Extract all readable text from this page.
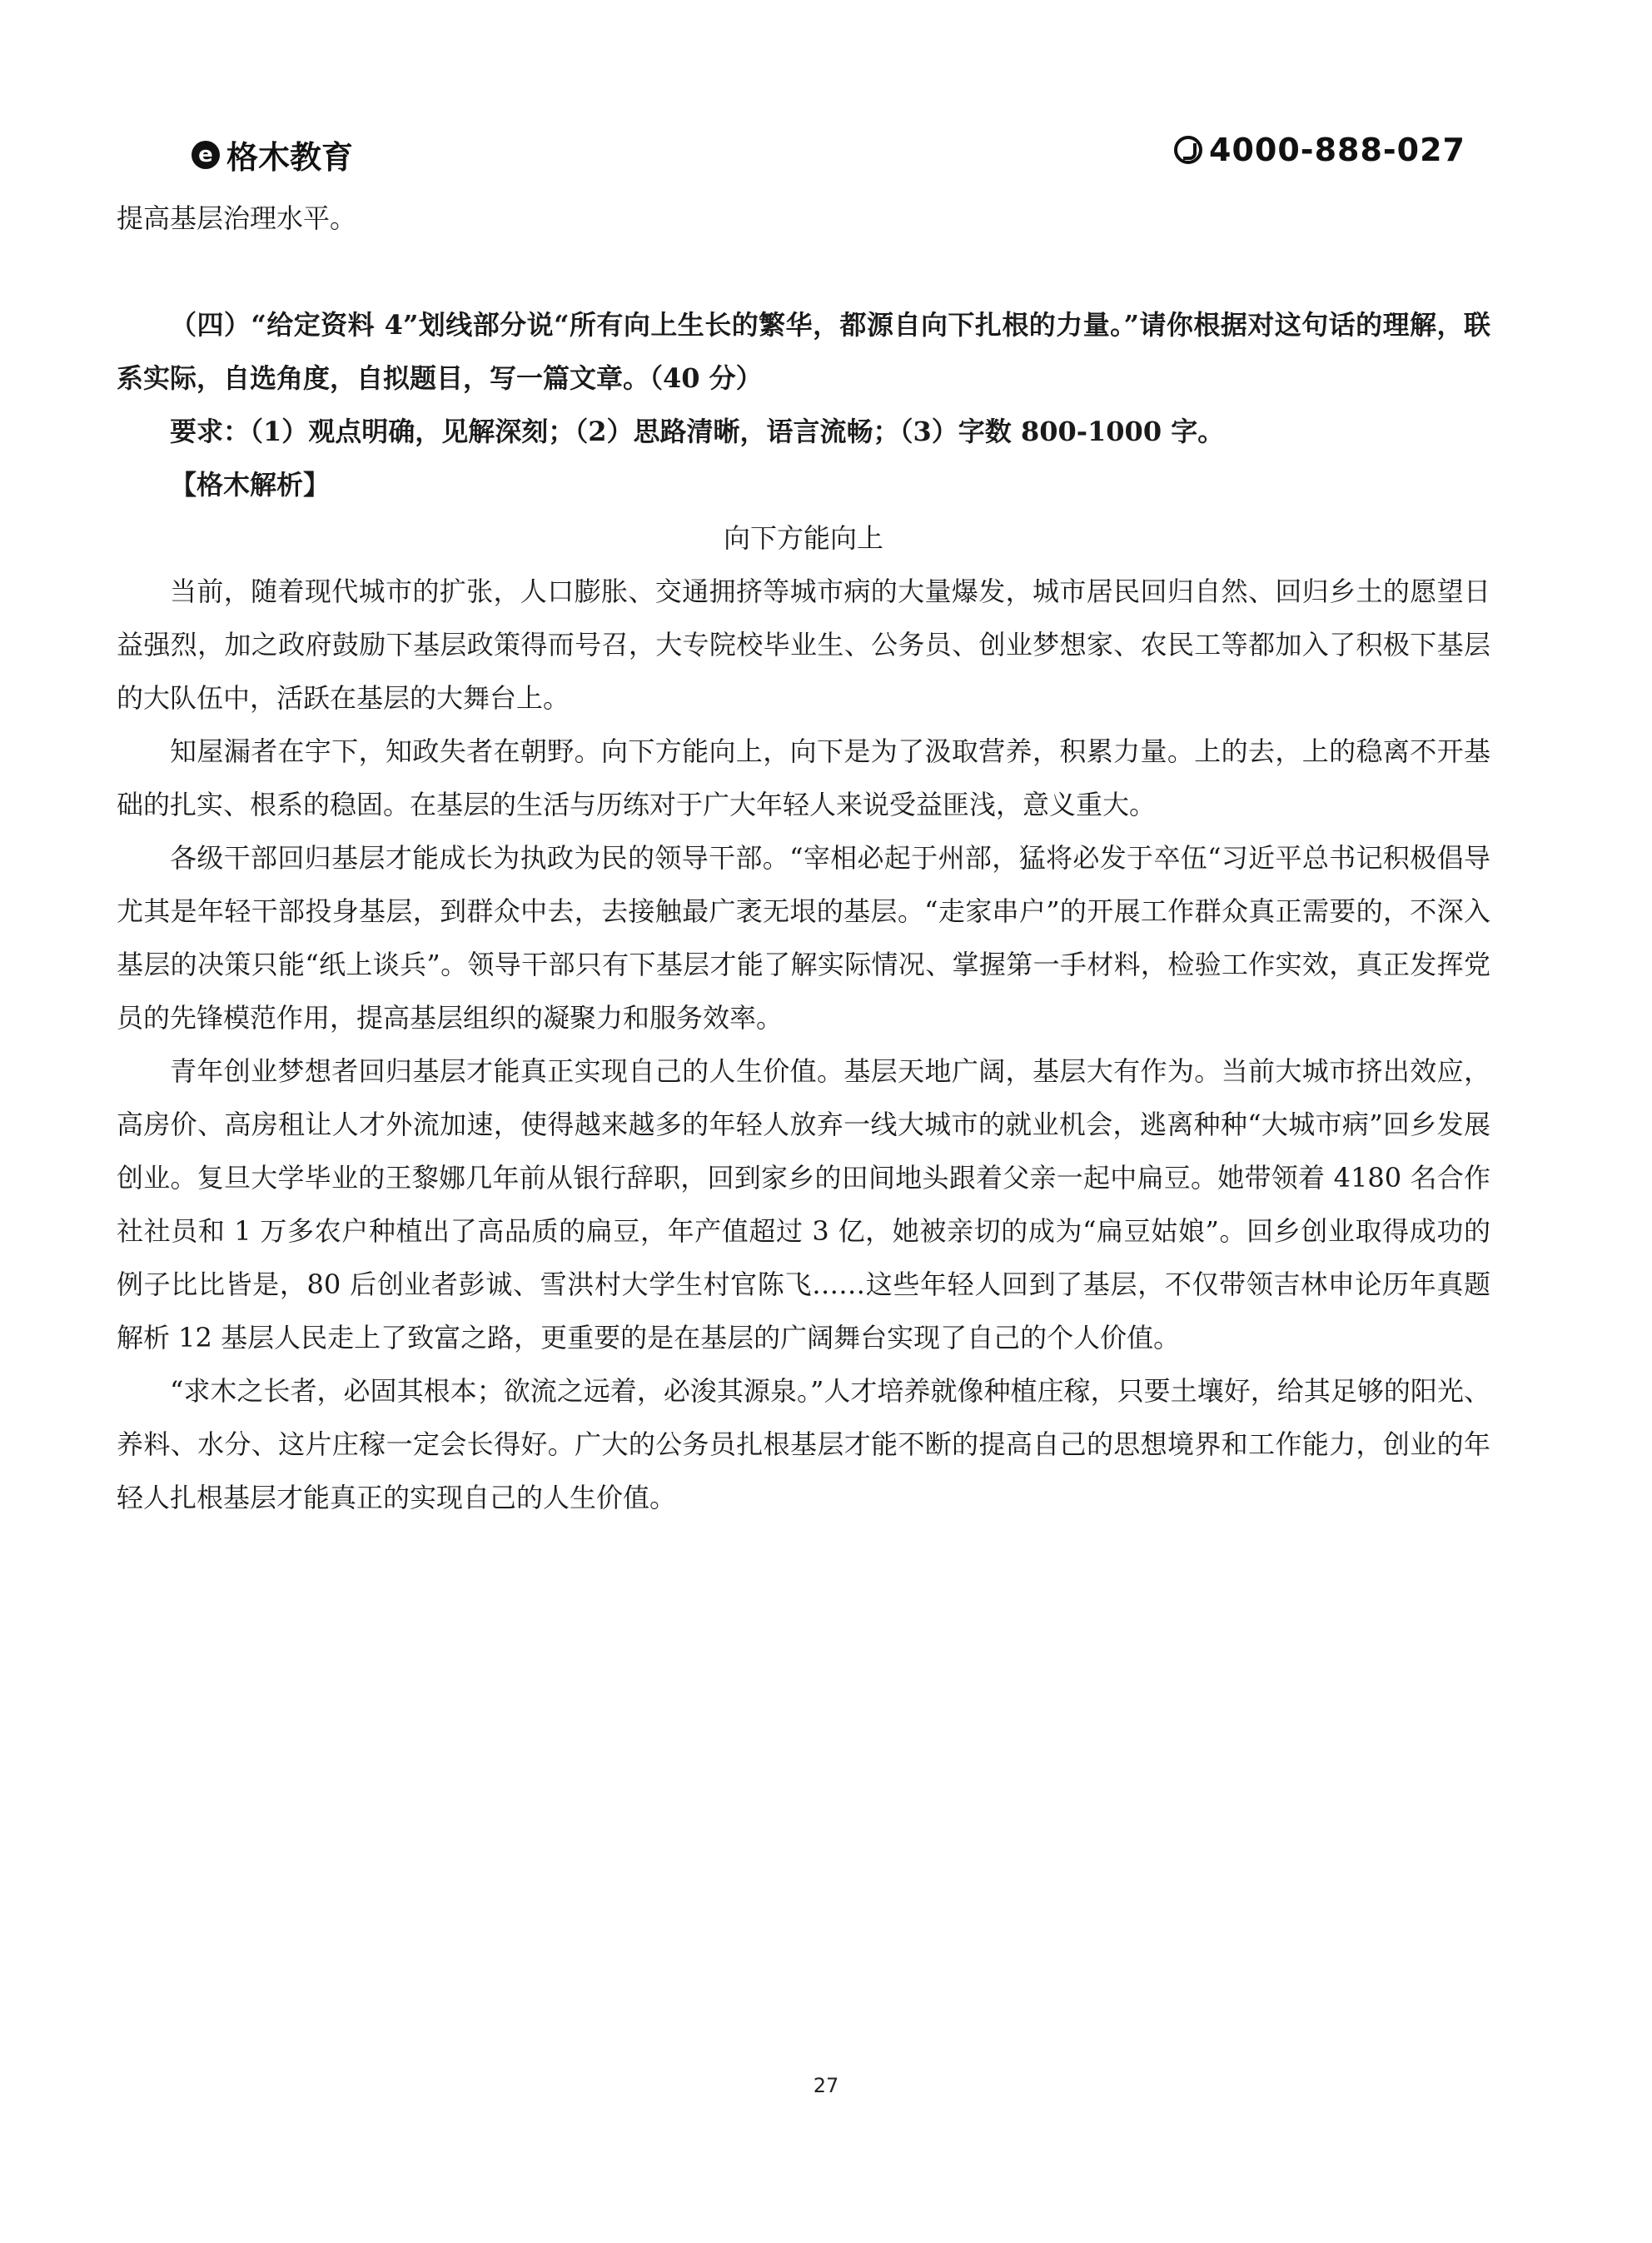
e 格木教育	4000-888-027

提高基层治理水平。

（四）“给定资料 4”划线部分说“所有向上生长的繁华，都源自向下扎根的力量。”请你根据对这句话的理解，联系实际，自选角度，自拟题目，写一篇文章。（40 分）

要求：（1）观点明确，见解深刻；（2）思路清晰，语言流畅；（3）字数 800-1000 字。

【格木解析】

向下方能向上

当前，随着现代城市的扩张，人口膨胀、交通拥挤等城市病的大量爆发，城市居民回归自然、回归乡土的愿望日益强烈，加之政府鼓励下基层政策得而号召，大专院校毕业生、公务员、创业梦想家、农民工等都加入了积极下基层的大队伍中，活跃在基层的大舞台上。

知屋漏者在宇下，知政失者在朝野。向下方能向上，向下是为了汲取营养，积累力量。上的去，上的稳离不开基础的扎实、根系的稳固。在基层的生活与历练对于广大年轻人来说受益匪浅，意义重大。

各级干部回归基层才能成长为执政为民的领导干部。“宰相必起于州部，猛将必发于卒伍“习近平总书记积极倡导尤其是年轻干部投身基层，到群众中去，去接触最广袤无垠的基层。“走家串户”的开展工作群众真正需要的，不深入基层的决策只能“纸上谈兵”。领导干部只有下基层才能了解实际情况、掌握第一手材料，检验工作实效，真正发挥党员的先锋模范作用，提高基层组织的凝聚力和服务效率。

青年创业梦想者回归基层才能真正实现自己的人生价值。基层天地广阔，基层大有作为。当前大城市挤出效应，高房价、高房租让人才外流加速，使得越来越多的年轻人放弃一线大城市的就业机会，逃离种种“大城市病”回乡发展创业。复旦大学毕业的王黎娜几年前从银行辞职，回到家乡的田间地头跟着父亲一起中扁豆。她带领着 4180 名合作社社员和 1 万多农户种植出了高品质的扁豆，年产值超过 3 亿，她被亲切的成为“扁豆姑娘”。回乡创业取得成功的例子比比皆是，80 后创业者彭诚、雪洪村大学生村官陈飞……这些年轻人回到了基层，不仅带领吉林申论历年真题解析 12 基层人民走上了致富之路，更重要的是在基层的广阔舞台实现了自己的个人价值。

“求木之长者，必固其根本；欲流之远着，必浚其源泉。”人才培养就像种植庄稼，只要土壤好，给其足够的阳光、养料、水分、这片庄稼一定会长得好。广大的公务员扎根基层才能不断的提高自己的思想境界和工作能力，创业的年轻人扎根基层才能真正的实现自己的人生价值。

27
